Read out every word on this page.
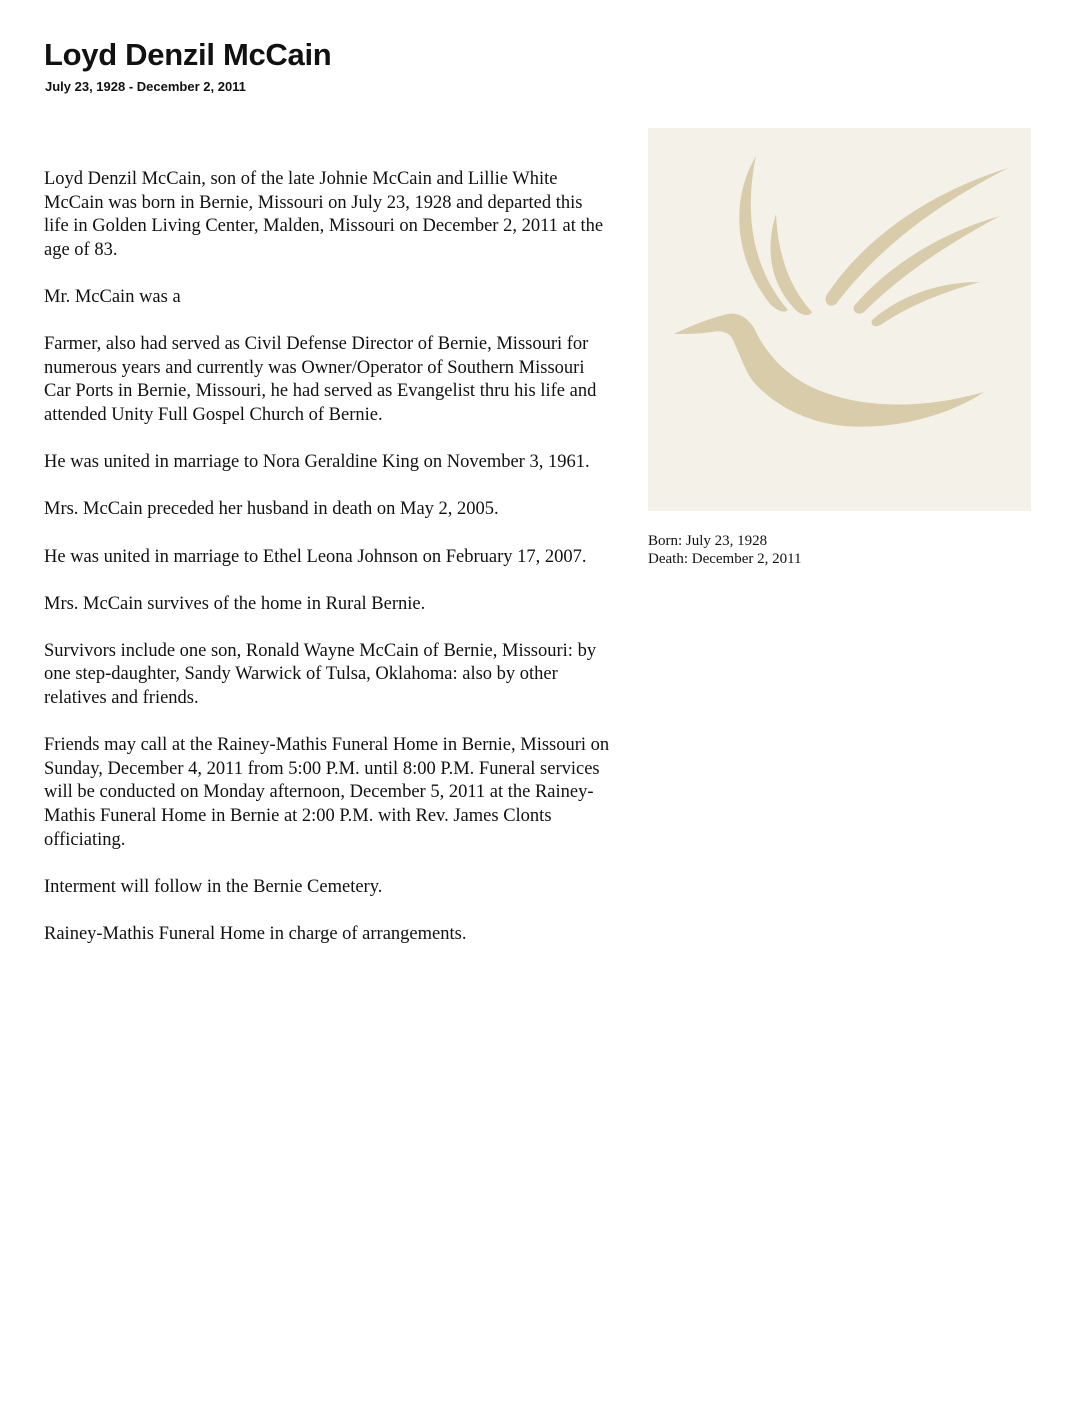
Loyd Denzil McCain
July 23, 1928 - December 2, 2011

Loyd Denzil McCain, son of the late Johnie McCain and Lillie White McCain was born in Bernie, Missouri on July 23, 1928 and departed this life in Golden Living Center, Malden, Missouri on December 2, 2011 at the age of 83.

Mr. McCain was a

Farmer, also had served as Civil Defense Director of Bernie, Missouri for numerous years and currently was Owner/Operator of Southern Missouri Car Ports in Bernie, Missouri, he had served as Evangelist thru his life and attended Unity Full Gospel Church of Bernie.

He was united in marriage to Nora Geraldine King on November 3, 1961.

Mrs. McCain preceded her husband in death on May 2, 2005.

He was united in marriage to Ethel Leona Johnson on February 17, 2007.

Mrs. McCain survives of the home in Rural Bernie.

Survivors include one son, Ronald Wayne McCain of Bernie, Missouri: by one step-daughter, Sandy Warwick of Tulsa, Oklahoma: also by other relatives and friends.

Friends may call at the Rainey-Mathis Funeral Home in Bernie, Missouri on Sunday, December 4, 2011 from 5:00 P.M. until 8:00 P.M. Funeral services will be conducted on Monday afternoon, December 5, 2011 at the Rainey-Mathis Funeral Home in Bernie at 2:00 P.M. with Rev. James Clonts officiating.

Interment will follow in the Bernie Cemetery.

Rainey-Mathis Funeral Home in charge of arrangements.

Born: July 23, 1928
Death: December 2, 2011
